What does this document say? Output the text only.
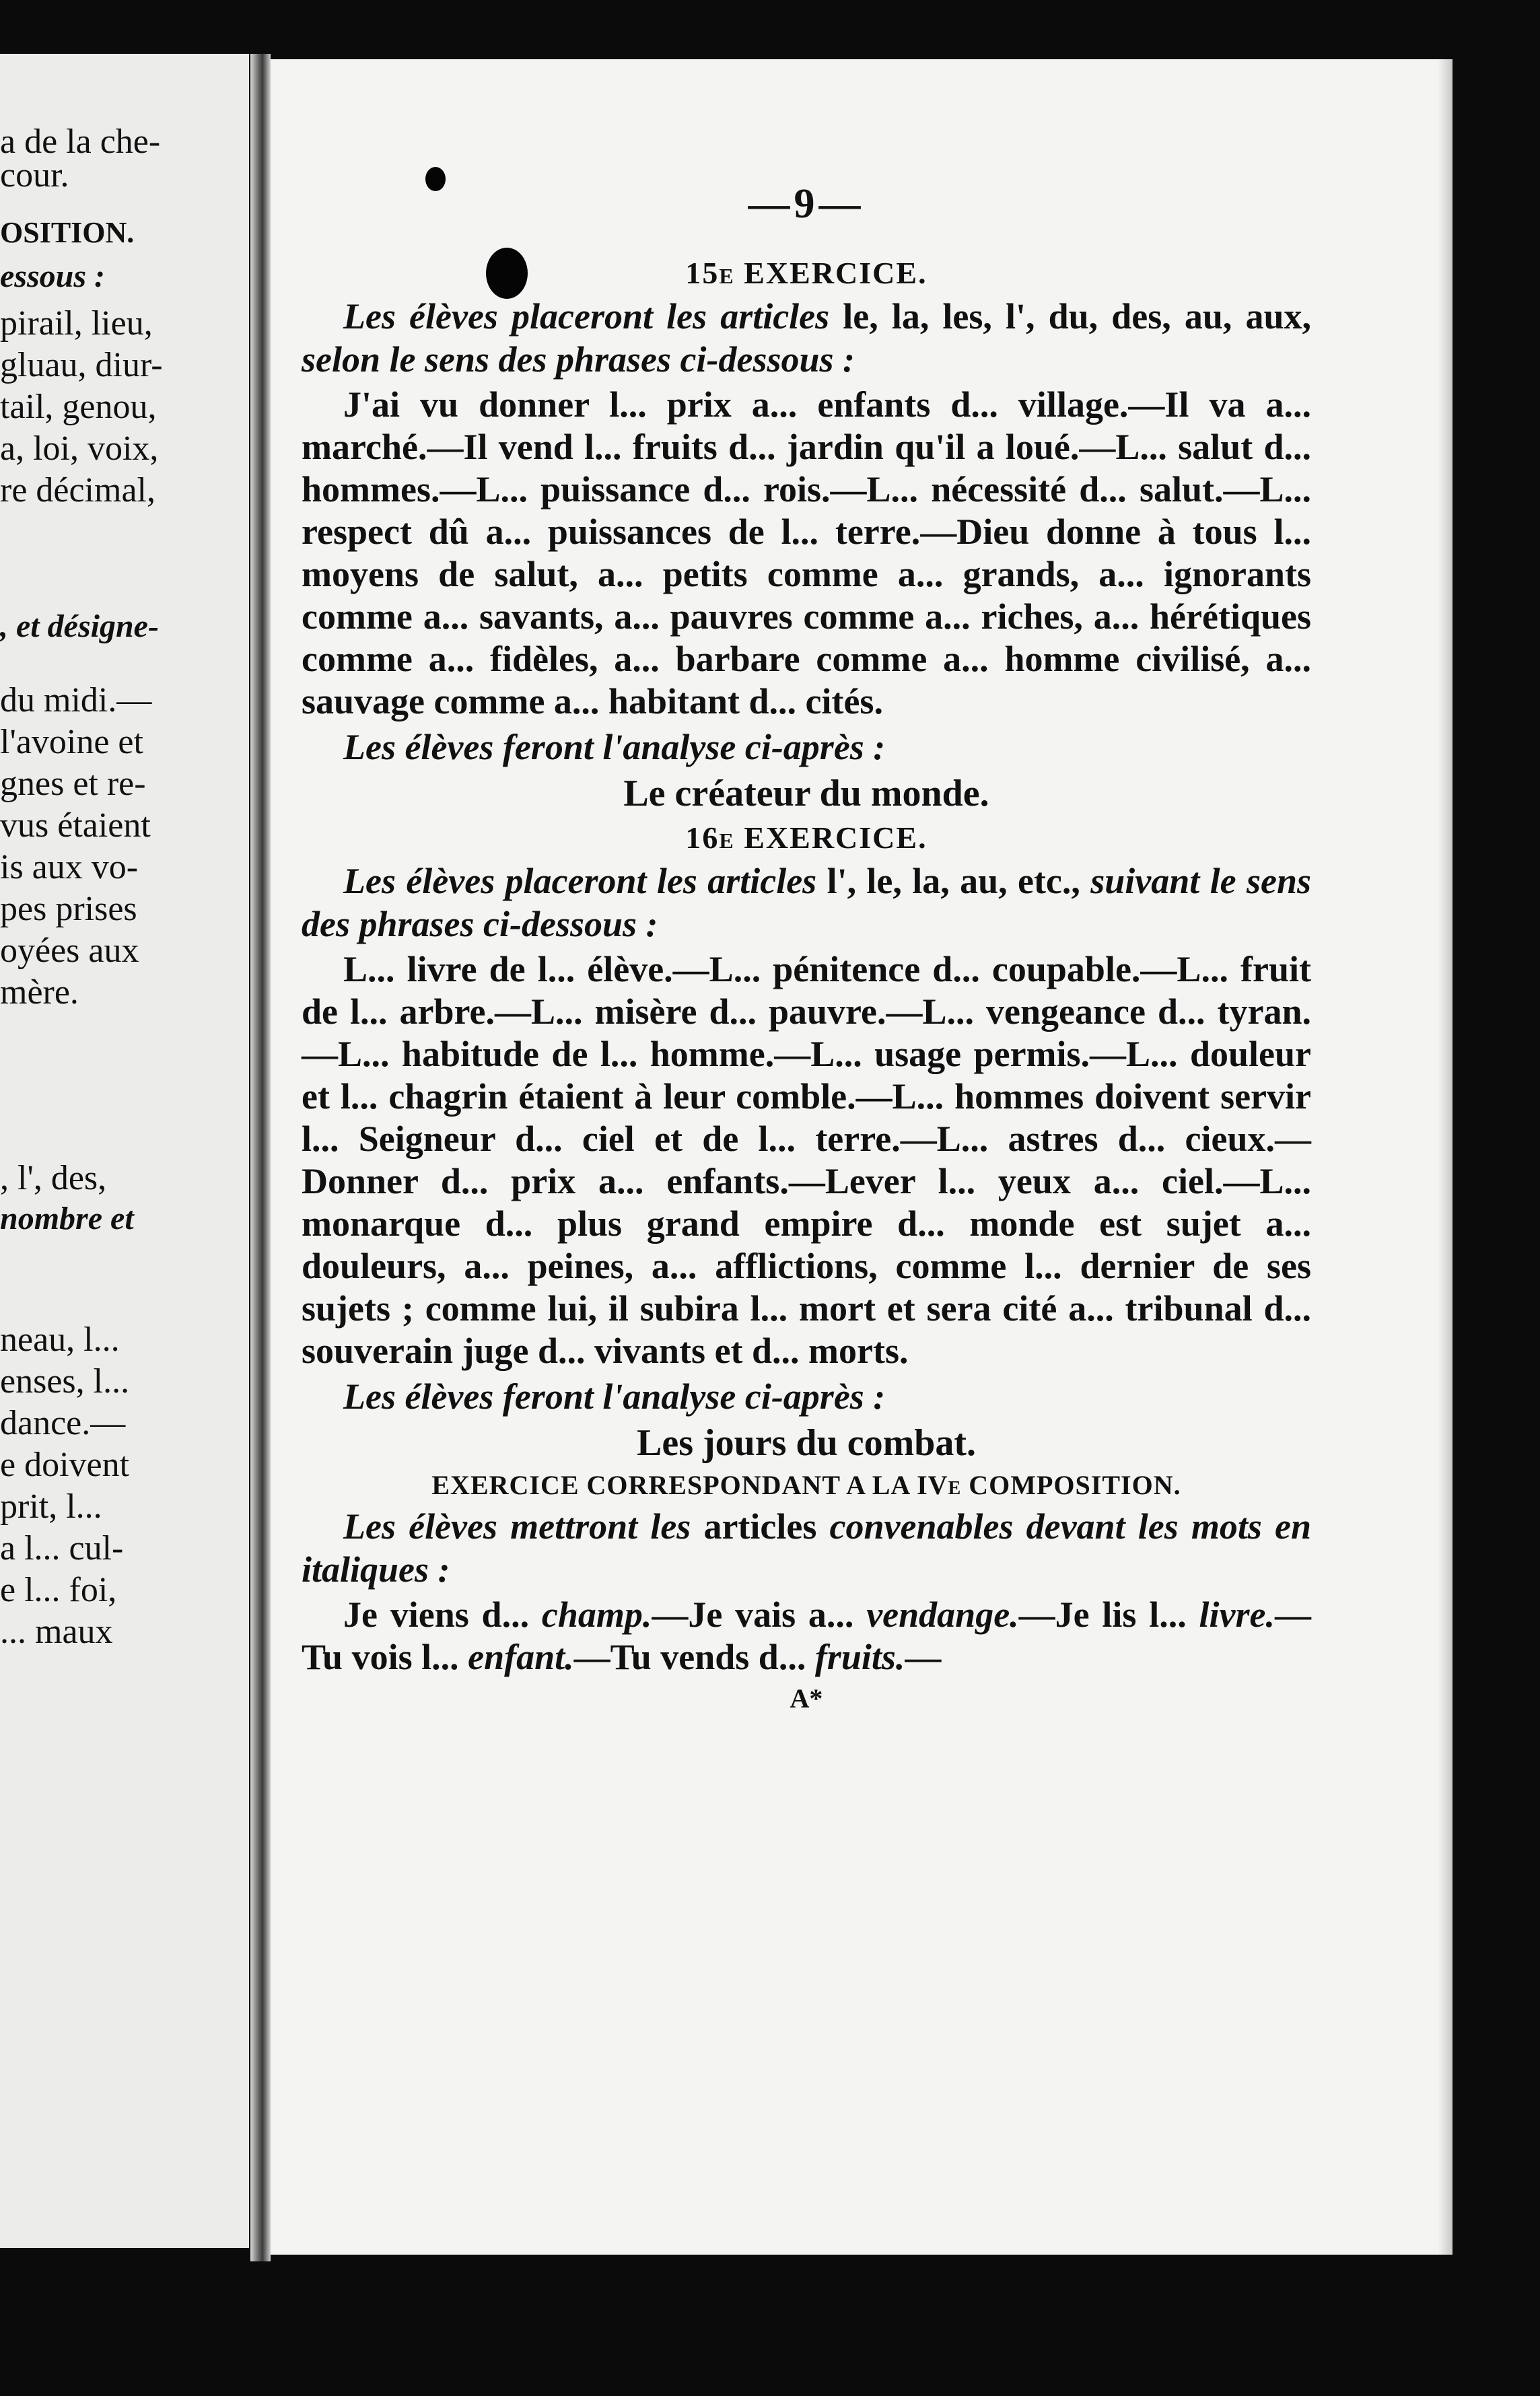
a de la che-
cour.
OSITION.
essous :
pirail, lieu,
gluau, diur-
tail, genou,
a, loi, voix,
re décimal,
, et désigne-
du midi.—
l'avoine et
gnes et re-
vus étaient
is aux vo-
pes prises
oyées aux
mère.
, l', des,
nombre et
neau, l...
enses, l...
dance.—
e doivent
prit, l...
a l... cul-
e l... foi,
... maux
—9—
15e EXERCICE.
Les élèves placeront les articles le, la, les, l', du, des, au, aux, selon le sens des phrases ci-dessous :
J'ai vu donner l... prix a... enfants d... village.—Il va a... marché.—Il vend l... fruits d... jardin qu'il a loué.—L... salut d... hommes.—L... puissance d... rois.—L... nécessité d... salut.—L... respect dû a... puissances de l... terre.—Dieu donne à tous l... moyens de salut, a... petits comme a... grands, a... ignorants comme a... savants, a... pauvres comme a... riches, a... hérétiques comme a... fidèles, a... barbare comme a... homme civilisé, a... sauvage comme a... habitant d... cités.
Les élèves feront l'analyse ci-après :
Le créateur du monde.
16e EXERCICE.
Les élèves placeront les articles l', le, la, au, etc., suivant le sens des phrases ci-dessous :
L... livre de l... élève.—L... pénitence d... coupable.—L... fruit de l... arbre.—L... misère d... pauvre.—L... vengeance d... tyran.—L... habitude de l... homme.—L... usage permis.—L... douleur et l... chagrin étaient à leur comble.—L... hommes doivent servir l... Seigneur d... ciel et de l... terre.—L... astres d... cieux.—Donner d... prix a... enfants.—Lever l... yeux a... ciel.—L... monarque d... plus grand empire d... monde est sujet a... douleurs, a... peines, a... afflictions, comme l... dernier de ses sujets ; comme lui, il subira l... mort et sera cité a... tribunal d... souverain juge d... vivants et d... morts.
Les élèves feront l'analyse ci-après :
Les jours du combat.
EXERCICE CORRESPONDANT A LA IVe COMPOSITION.
Les élèves mettront les articles convenables devant les mots en italiques :
Je viens d... champ.—Je vais a... vendange.—Je lis l... livre.—Tu vois l... enfant.—Tu vends d... fruits.—
A*
